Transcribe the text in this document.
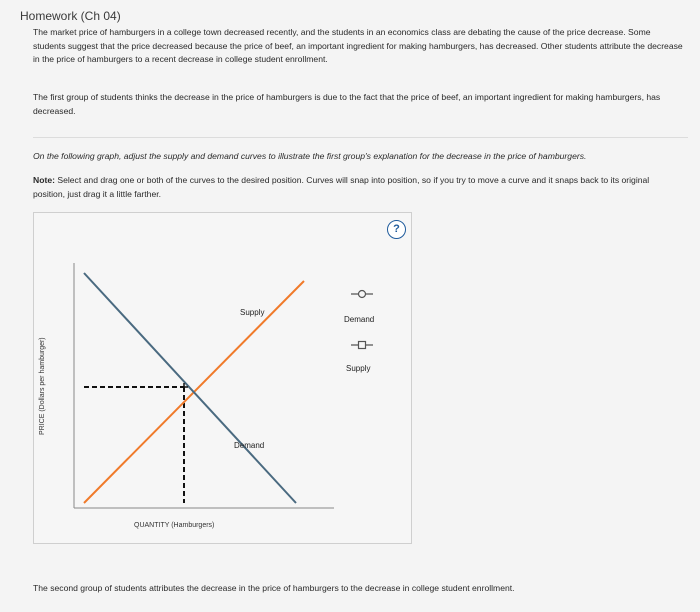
Homework (Ch 04)
The market price of hamburgers in a college town decreased recently, and the students in an economics class are debating the cause of the price decrease. Some students suggest that the price decreased because the price of beef, an important ingredient for making hamburgers, has decreased. Other students attribute the decrease in the price of hamburgers to a recent decrease in college student enrollment.
The first group of students thinks the decrease in the price of hamburgers is due to the fact that the price of beef, an important ingredient for making hamburgers, has decreased.
On the following graph, adjust the supply and demand curves to illustrate the first group's explanation for the decrease in the price of hamburgers.
Note: Select and drag one or both of the curves to the desired position. Curves will snap into position, so if you try to move a curve and it snaps back to its original position, just drag it a little farther.
PRICE (Dollars per hamburger)
QUANTITY (Hamburgers)
Supply
Demand
Demand
Supply
?
The second group of students attributes the decrease in the price of hamburgers to the decrease in college student enrollment.
